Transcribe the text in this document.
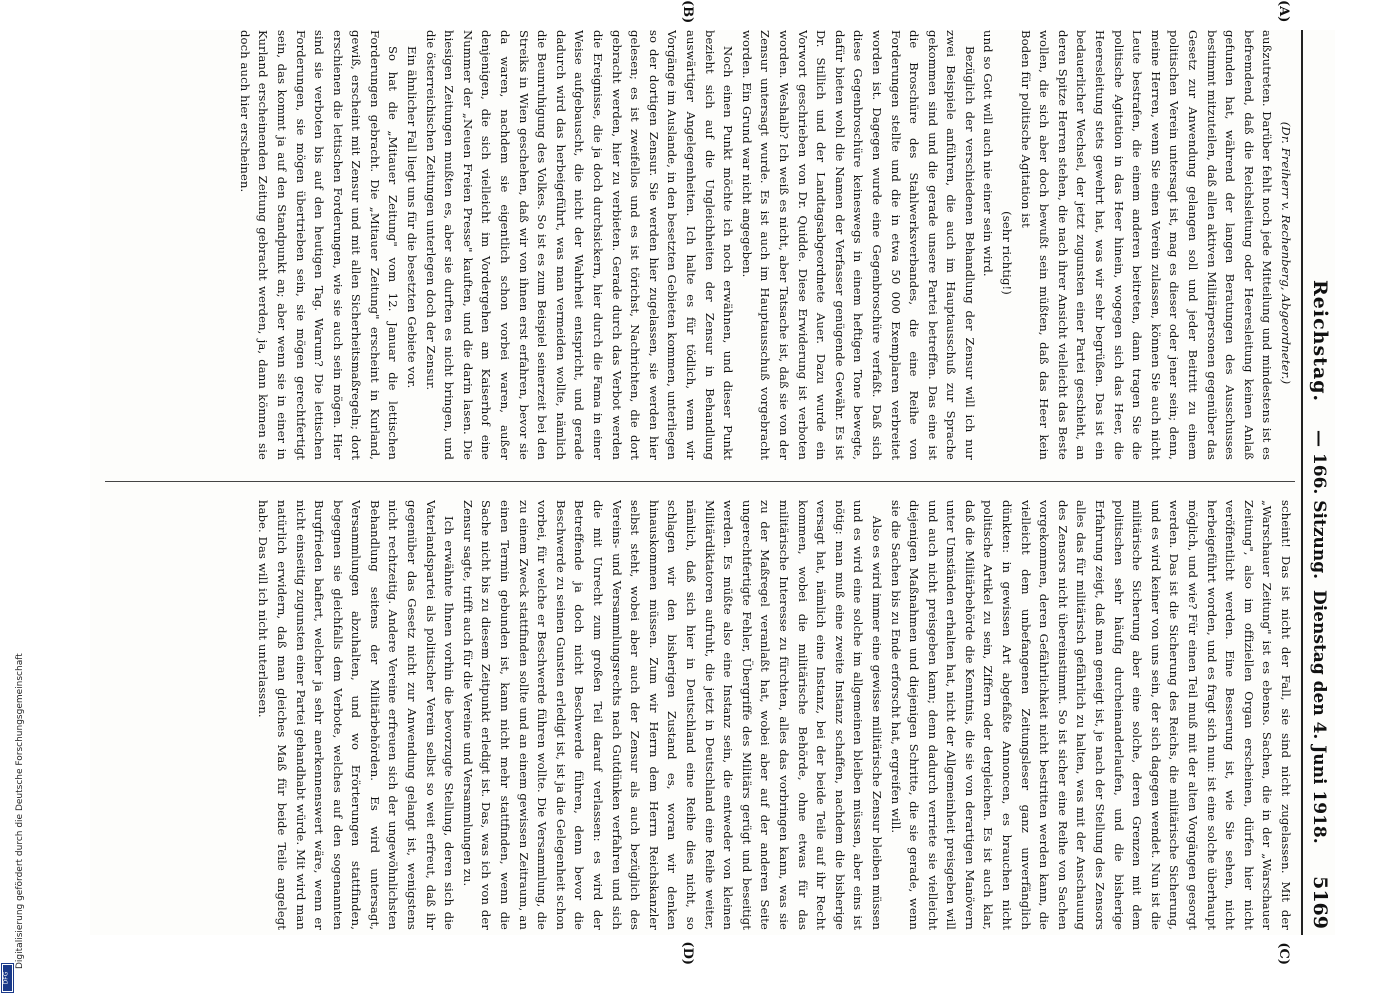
DFG
Digitalisierung gefördert durch die Deutsche Forschungsgemeinschaft
Reichstag.
— 166. Sitzung.
Dienstag den 4. Juni 1918.
5169
(A)
(B)
(C)
(D)

(Dr. Freiherr v. Rechenberg, Abgeordneter.)

außzutreten. Darüber fehlt noch jede Mitteilung und mindestens ist es befremdend, daß die Reichsleitung oder Heeresleitung keinen Anlaß gefunden hat, während der langen Beratungen des Ausschusses bestimmt mitzuteilen, daß allen aktiven Militärpersonen gegenüber das Gesetz zur Anwendung gelangen soll und jeder Beitritt zu einem politischen Verein untersagt ist, mag es dieser oder jener sein; denn, meine Herren, wenn Sie einen Verein zulassen, können Sie auch nicht Leute bestrafen, die einem anderen beitreten, dann tragen Sie die politische Agitation in das Heer hinein, wogegen sich das Heer, die Heeresleitung stets gewehrt hat, was wir sehr begrüßen. Das ist ein bedauerlicher Wechsel, der jetzt zugunsten einer Partei geschieht, an deren Spitze Herren stehen, die nach ihrer Ansicht vielleicht das Beste wollen, die sich aber doch bewußt sein müßten, daß das Heer kein Boden für politische Agitation ist

(sehr richtig!)

und so Gott will auch nie einer sein wird.

Bezüglich der verschiedenen Behandlung der Zensur will ich nur zwei Beispiele anführen, die auch im Hauptausschuß zur Sprache gekommen sind und die gerade unsere Partei betreffen. Das eine ist die Broschüre des Stahlwerksverbandes, die eine Reihe von Forderungen stellte und die in etwa 50 000 Exemplaren verbreitet worden ist. Dagegen wurde eine Gegenbroschüre verfaßt. Daß sich diese Gegenbroschüre keineswegs in einem heftigen Tone bewegte, dafür bieten wohl die Namen der Verfasser genügende Gewähr. Es ist Dr. Stillich und der Landtagsabgeordnete Auer. Dazu wurde ein Vorwort geschrieben von Dr. Quidde. Diese Erwiderung ist verboten worden. Weshalb? Ich weiß es nicht, aber Tatsache ist, daß sie von der Zensur untersagt wurde. Es ist auch im Hauptausschuß vorgebracht worden. Ein Grund war nicht angegeben.

Noch einen Punkt möchte ich noch erwähnen, und dieser Punkt bezieht sich auf die Ungleichheiten der Zensur in Behandlung auswärtiger Angelegenheiten. Ich halte es für tödlich, wenn wir Vorgänge im Auslande, in den besetzten Gebieten kommen, unterliegen so der dortigen Zensur. Sie werden hier zugelassen, sie werden hier gelesen; es ist zweifellos und es ist törichst, Nachrichten, die dort gebracht werden, hier zu verbieten. Gerade durch das Verbot werden die Ereignisse, die ja doch durchsickern, hier durch die Fama in einer Weise aufgebauscht, die nicht der Wahrheit entspricht, und gerade dadurch wird das herbeigeführt, was man vermeiden wollte, nämlich die Beunruhigung des Volkes. So ist es zum Beispiel seinerzeit bei den Streiks in Wien geschehen, daß wir von ihnen erst erfahren, bevor sie da waren, nachdem sie eigentlich schon vorbei waren, außer denjenigen, die sich vielleicht im Vordergehen am Kaiserhof eine Nummer der „Neuen Freien Presse" kauften, und die darin lasen. Die hiesigen Zeitungen mußten es, aber sie durften es nicht bringen, und die österreichischen Zeitungen unterlegen doch der Zensur.

Ein ähnlicher Fall liegt uns für die besetzten Gebiete vor.

So hat die „Mitauer Zeitung" vom 12. Januar die lettischen Forderungen gebracht. Die „Mitauer Zeitung" erscheint in Kurland, gewiß, erscheint mit Zensur und mit allen Sicherheitsmaßregeln; dort erschienen die lettischen Forderungen, wie sie auch sein mögen. Hier sind sie verboten bis auf den heutigen Tag. Warum? Die lettischen Forderungen, sie mögen übertrieben sein, sie mögen gerechtfertigt sein, das kommt ja auf den Standpunkt an; aber wenn sie in einer in Kurland erscheinenden Zeitung gebracht werden, ja, dann können sie doch auch hier erscheinen.

scheint! Das ist nicht der Fall, sie sind nicht zugelassen. Mit der „Warschauer Zeitung" ist es ebenso. Sachen, die in der „Warschauer Zeitung", also im offiziellen Organ erscheinen, dürfen hier nicht veröffentlicht werden. Eine Besserung ist, wie Sie sehen, nicht herbeigeführt worden, und es fragt sich nun: ist eine solche überhaupt möglich, und wie? Für einen Teil muß mit der alten Vorgängen gesorgt werden. Das ist die Sicherung des Reichs, die militärische Sicherung, und es wird keiner von uns sein, der sich dagegen wendet. Nun ist die militärische Sicherung aber eine solche, deren Grenzen mit dem politischen sehr häufig durcheinanderlaufen, und die bisherige Erfahrung zeigt, daß man geneigt ist, je nach der Stellung des Zensors alles das für militärisch gefährlich zu halten, was mit der Anschauung des Zensors nicht übereinstimmt. So ist sicher eine Reihe von Sachen vorgekommen, deren Gefährlichkeit nicht bestritten werden kann, die vielleicht dem unbefangenen Zeitungsleser ganz unverfänglich dünkten: in gewissen Art abgefaßte Annoncen, es brauchen nicht politische Artikel zu sein, Ziffern oder dergleichen. Es ist auch klar, daß die Militärbehörde die Kenntnis, die sie von derartigen Manövern unter Umständen erhalten hat, nicht der Allgemeinheit preisgeben will und auch nicht preisgeben kann; denn dadurch verriete sie vielleicht diejenigen Maßnahmen und diejenigen Schritte, die sie gerade, wenn sie die Sachen bis zu Ende erforscht hat, ergreifen will.

Also es wird immer eine gewisse militärische Zensur bleiben müssen und es wird eine solche im allgemeinen bleiben müssen, aber eins ist nötig: man muß eine zweite Instanz schaffen, nachdem die bisherige versagt hat, nämlich eine Instanz, bei der beide Teile auf ihr Recht kommen, wobei die militärische Behörde, ohne etwas für das militärische Interesse zu fürchten, alles das vorbringen kann, was sie zu der Maßregel veranlaßt hat, wobei aber auf der anderen Seite ungerechtfertigte Fehler, Übergriffe des Militärs gerügt und beseitigt werden. Es müßte also eine Instanz sein, die entweder von kleinen Militärdiktatoren aufruht, die jetzt in Deutschland eine Reihe weiter, nämlich, daß sich hier in Deutschland eine Reihe dies nicht, so schlagen wir den bisherigen Zustand es, woran wir denken hinauskommen müssen. Zum wir Herrn dem Herrn Reichskanzler selbst steht, wobei aber auch der Zensur als auch bezüglich des Vereins- und Versammlungsrechts nach Gutdünken verfahren und sich die mit Unrecht zum großen Teil darauf verlassen: es wird der Betreffende ja doch nicht Beschwerde führen, denn bevor die Beschwerde zu seinen Gunsten erledigt ist, ist ja die Gelegenheit schon vorbei, für welche er Beschwerde führen wollte. Die Versammlung, die zu einem Zweck stattfinden sollte und an einem gewissen Zeitraum, an einen Termin gebunden ist, kann nicht mehr stattfinden, wenn die Sache nicht bis zu diesem Zeitpunkt erledigt ist. Das, was ich von der Zensur sagte, trifft auch für die Vereine und Versammlungen zu.

Ich erwähnte Ihnen vorhin die bevorzugte Stellung, deren sich die Vaterlandspartei als politischer Verein selbst so weit erfreut, daß ihr gegenüber das Gesetz nicht zur Anwendung gelangt ist, wenigstens nicht rechtzeitig. Andere Vereine erfreuen sich der ungewöhnlichsten Behandlung seitens der Militärbehörden. Es wird untersagt, Versammlungen abzuhalten, und wo Erörterungen stattfinden, begegnen sie gleichfalls dem Verbote, welches auf den sogenannten Burgfrieden bafiert, welcher ja sehr anerkennenswert wäre, wenn er nicht einseitig zugunsten einer Partei gehandhabt würde. Mit wird man natürlich erwidern, daß man gleiches Maß für beide Teile angelegt habe. Das will ich nicht unterlassen.
